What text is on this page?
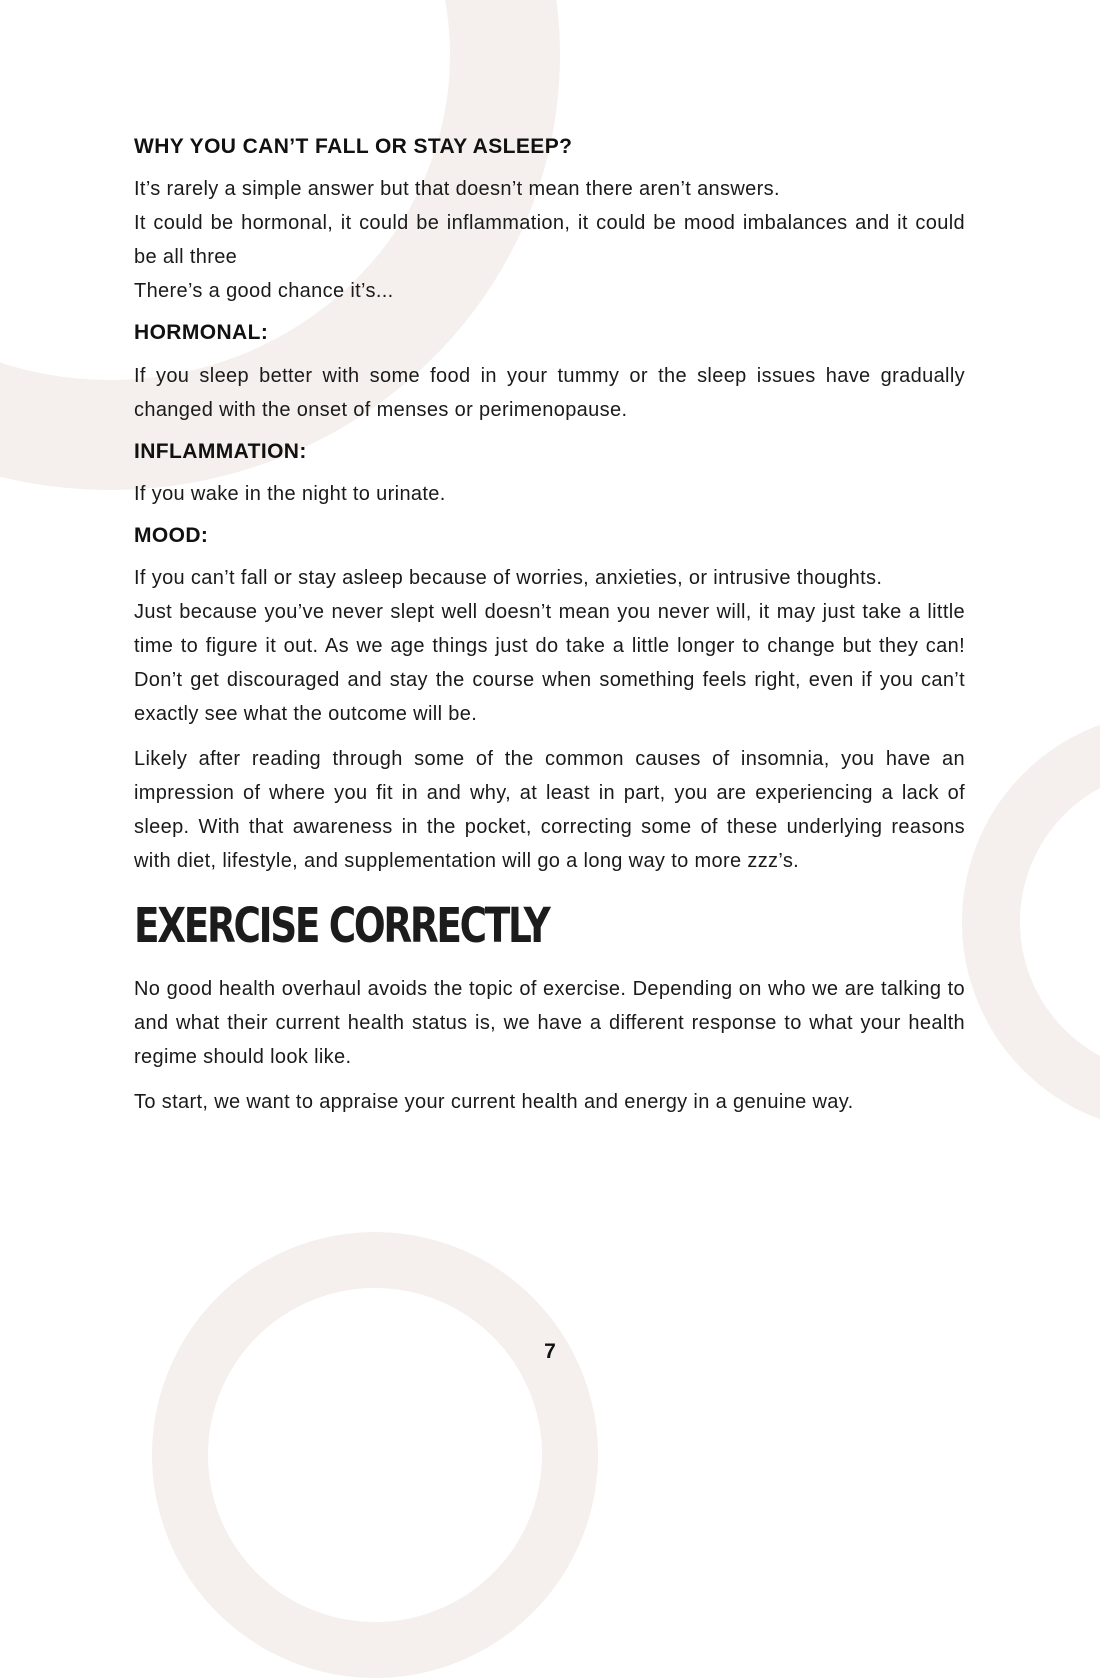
WHY YOU CAN’T FALL OR STAY ASLEEP?
It’s rarely a simple answer but that doesn’t mean there aren’t answers.
It could be hormonal, it could be inflammation, it could be mood imbalances and it could be all three
There’s a good chance it’s...
HORMONAL:
If you sleep better with some food in your tummy or the sleep issues have gradually changed with the onset of menses or perimenopause.
INFLAMMATION:
If you wake in the night to urinate.
MOOD:
If you can’t fall or stay asleep because of worries, anxieties, or intrusive thoughts.
Just because you’ve never slept well doesn’t mean you never will, it may just take a little time to figure it out. As we age things just do take a little longer to change but they can! Don’t get discouraged and stay the course when something feels right, even if you can’t exactly see what the outcome will be.
Likely after reading through some of the common causes of insomnia, you have an impression of where you fit in and why, at least in part, you are experiencing a lack of sleep. With that awareness in the pocket, correcting some of these underlying reasons with diet, lifestyle, and supplementation will go a long way to more zzz’s.
EXERCISE CORRECTLY
No good health overhaul avoids the topic of exercise. Depending on who we are talking to and what their current health status is, we have a different response to what your health regime should look like.
To start, we want to appraise your current health and energy in a genuine way.
7
